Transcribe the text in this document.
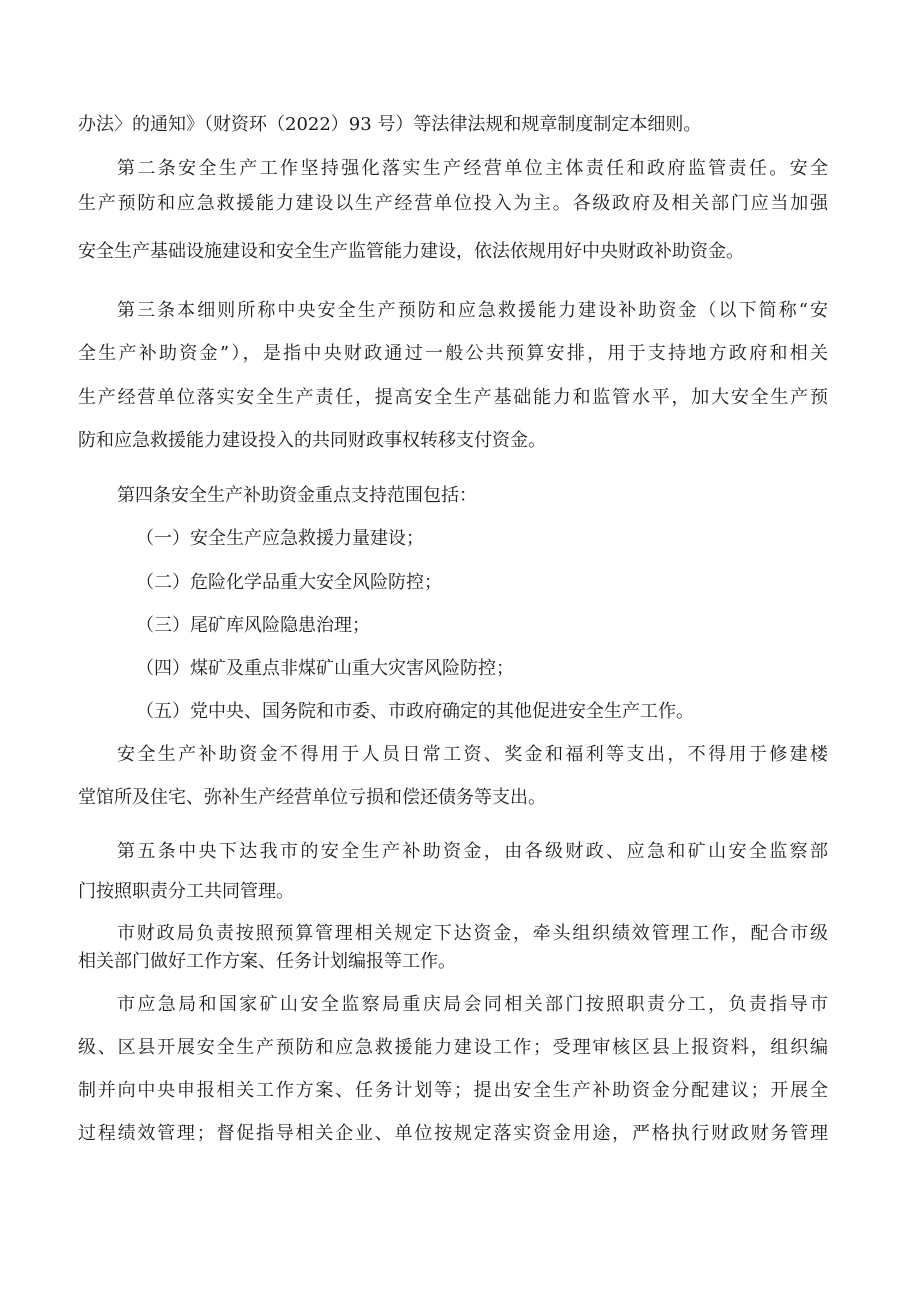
办法〉的通知》（财资环（2022）93 号）等法律法规和规章制度制定本细则。
第二条安全生产工作坚持强化落实生产经营单位主体责任和政府监管责任。安全
生产预防和应急救援能力建设以生产经营单位投入为主。各级政府及相关部门应当加强
安全生产基础设施建设和安全生产监管能力建设，依法依规用好中央财政补助资金。
第三条本细则所称中央安全生产预防和应急救援能力建设补助资金（以下简称“安
全生产补助资金”），是指中央财政通过一般公共预算安排，用于支持地方政府和相关
生产经营单位落实安全生产责任，提高安全生产基础能力和监管水平，加大安全生产预
防和应急救援能力建设投入的共同财政事权转移支付资金。
第四条安全生产补助资金重点支持范围包括：
（一）安全生产应急救援力量建设；
（二）危险化学品重大安全风险防控；
（三）尾矿库风险隐患治理；
（四）煤矿及重点非煤矿山重大灾害风险防控；
（五）党中央、国务院和市委、市政府确定的其他促进安全生产工作。
安全生产补助资金不得用于人员日常工资、奖金和福利等支出，不得用于修建楼
堂馆所及住宅、弥补生产经营单位亏损和偿还债务等支出。
第五条中央下达我市的安全生产补助资金，由各级财政、应急和矿山安全监察部
门按照职责分工共同管理。
市财政局负责按照预算管理相关规定下达资金，牵头组织绩效管理工作，配合市级
相关部门做好工作方案、任务计划编报等工作。
市应急局和国家矿山安全监察局重庆局会同相关部门按照职责分工，负责指导市
级、区县开展安全生产预防和应急救援能力建设工作；受理审核区县上报资料，组织编
制并向中央申报相关工作方案、任务计划等；提出安全生产补助资金分配建议；开展全
过程绩效管理；督促指导相关企业、单位按规定落实资金用途，严格执行财政财务管理
